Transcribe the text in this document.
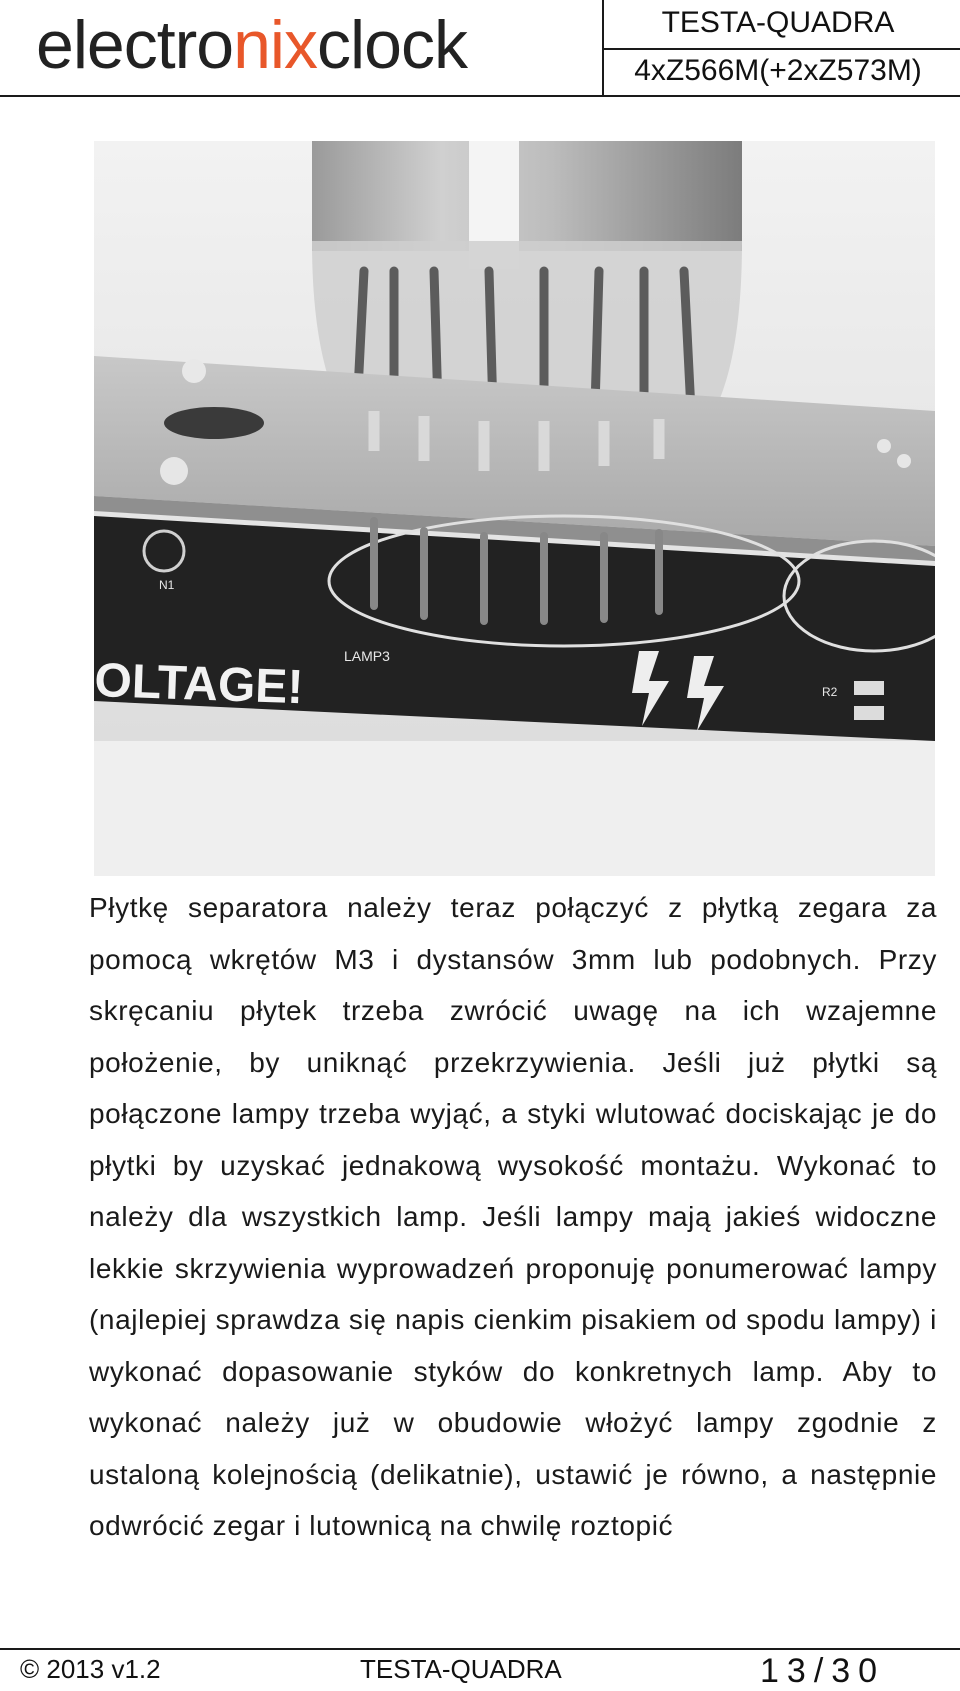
electronixclock	TESTA-QUADRA
4xZ566M(+2xZ573M)
OLTAGE!	LAMP3
N1
R2

Płytkę separatora należy teraz połączyć z płytką zegara za pomocą wkrętów M3 i dystansów 3mm lub podobnych. Przy skręcaniu płytek trzeba zwrócić uwagę na ich wzajemne położenie, by uniknąć przekrzywienia. Jeśli już płytki są połączone lampy trzeba wyjąć, a styki wlutować dociskając je do płytki by uzyskać jednakową wysokość montażu. Wykonać to należy dla wszystkich lamp. Jeśli lampy mają jakieś widoczne lekkie skrzywienia wyprowadzeń proponuję ponumerować lampy (najlepiej sprawdza się napis cienkim pisakiem od spodu lampy) i wykonać dopasowanie styków do konkretnych lamp. Aby to wykonać należy już w obudowie włożyć lampy zgodnie z ustaloną kolejnością (delikatnie), ustawić je równo, a następnie odwrócić zegar i lutownicą na chwilę roztopić

© 2013 v1.2	TESTA-QUADRA	13/30
